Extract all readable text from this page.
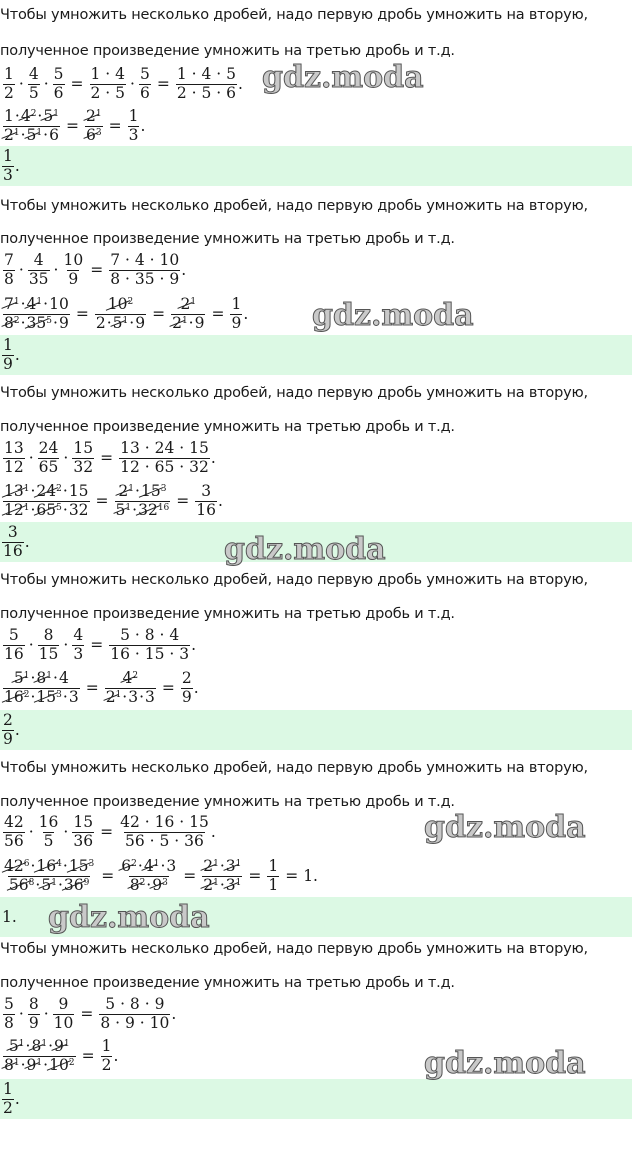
Чтобы умножить несколько дробей, надо первую дробь умножить на вторую,
полученное произведение умножить на третью дробь и т.д.
$\frac{1}{2} \cdot \frac{4}{5} \cdot \frac{5}{6} = \frac{1 \cdot 4}{2 \cdot 5} \cdot \frac{5}{6} = \frac{1 \cdot 4 \cdot 5}{2 \cdot 5 \cdot 6}$ .
$\frac{1\cdot 4^2\cdot 5^1}{2^1\cdot 5^1\cdot 6} = \frac{2^1}{6^3} = \frac{1}{3}$ .
$\frac{1}{3}$ .
Чтобы умножить несколько дробей, надо первую дробь умножить на вторую,
полученное произведение умножить на третью дробь и т.д.
$\frac{7}{8} \cdot \frac{4}{35} \cdot \frac{10}{9} = \frac{7 \cdot 4 \cdot 10}{8 \cdot 35 \cdot 9}$ .
$\frac{7^1\cdot 4^1\cdot 10}{8^2\cdot 35^5\cdot 9} = \frac{10^2}{2\cdot 5^1\cdot 9} = \frac{2^1}{2^1\cdot 9} = \frac{1}{9}$ .
$\frac{1}{9}$ .
Чтобы умножить несколько дробей, надо первую дробь умножить на вторую,
полученное произведение умножить на третью дробь и т.д.
$\frac{13}{12} \cdot \frac{24}{65} \cdot \frac{15}{32} = \frac{13 \cdot 24 \cdot 15}{12 \cdot 65 \cdot 32}$ .
$\frac{13^1\cdot 24^2\cdot 15}{12^1\cdot 65^5\cdot 32} = \frac{2^1\cdot 15^3}{5^1\cdot 32^{16}} = \frac{3}{16}$ .
$\frac{3}{16}$ .
Чтобы умножить несколько дробей, надо первую дробь умножить на вторую,
полученное произведение умножить на третью дробь и т.д.
$\frac{5}{16} \cdot \frac{8}{15} \cdot \frac{4}{3} = \frac{5 \cdot 8 \cdot 4}{16 \cdot 15 \cdot 3}$ .
$\frac{5^1\cdot 8^1\cdot 4}{16^2\cdot 15^3\cdot 3} = \frac{4^2}{2^1\cdot 3\cdot 3} = \frac{2}{9}$ .
$\frac{2}{9}$ .
Чтобы умножить несколько дробей, надо первую дробь умножить на вторую,
полученное произведение умножить на третью дробь и т.д.
$\frac{42}{56} \cdot \frac{16}{5} \cdot \frac{15}{36} = \frac{42 \cdot 16 \cdot 15}{56 \cdot 5 \cdot 36}$ .
$\frac{42^6\cdot 16^4\cdot 15^3}{56^8\cdot 5^1\cdot 36^9} = \frac{6^2\cdot 4^1\cdot 3}{8^2\cdot 9^3} = \frac{2^1\cdot 3^1}{2^1\cdot 3^1} = \frac{1}{1} = 1$.
1.
Чтобы умножить несколько дробей, надо первую дробь умножить на вторую,
полученное произведение умножить на третью дробь и т.д.
$\frac{5}{8} \cdot \frac{8}{9} \cdot \frac{9}{10} = \frac{5 \cdot 8 \cdot 9}{8 \cdot 9 \cdot 10}$ .
$\frac{5^1\cdot 8^1\cdot 9^1}{8^1\cdot 9^1\cdot 10^2} = \frac{1}{2}$ .
$\frac{1}{2}$ .
gdz.moda
gdz.moda
gdz.moda
gdz.moda
gdz.moda
gdz.moda
